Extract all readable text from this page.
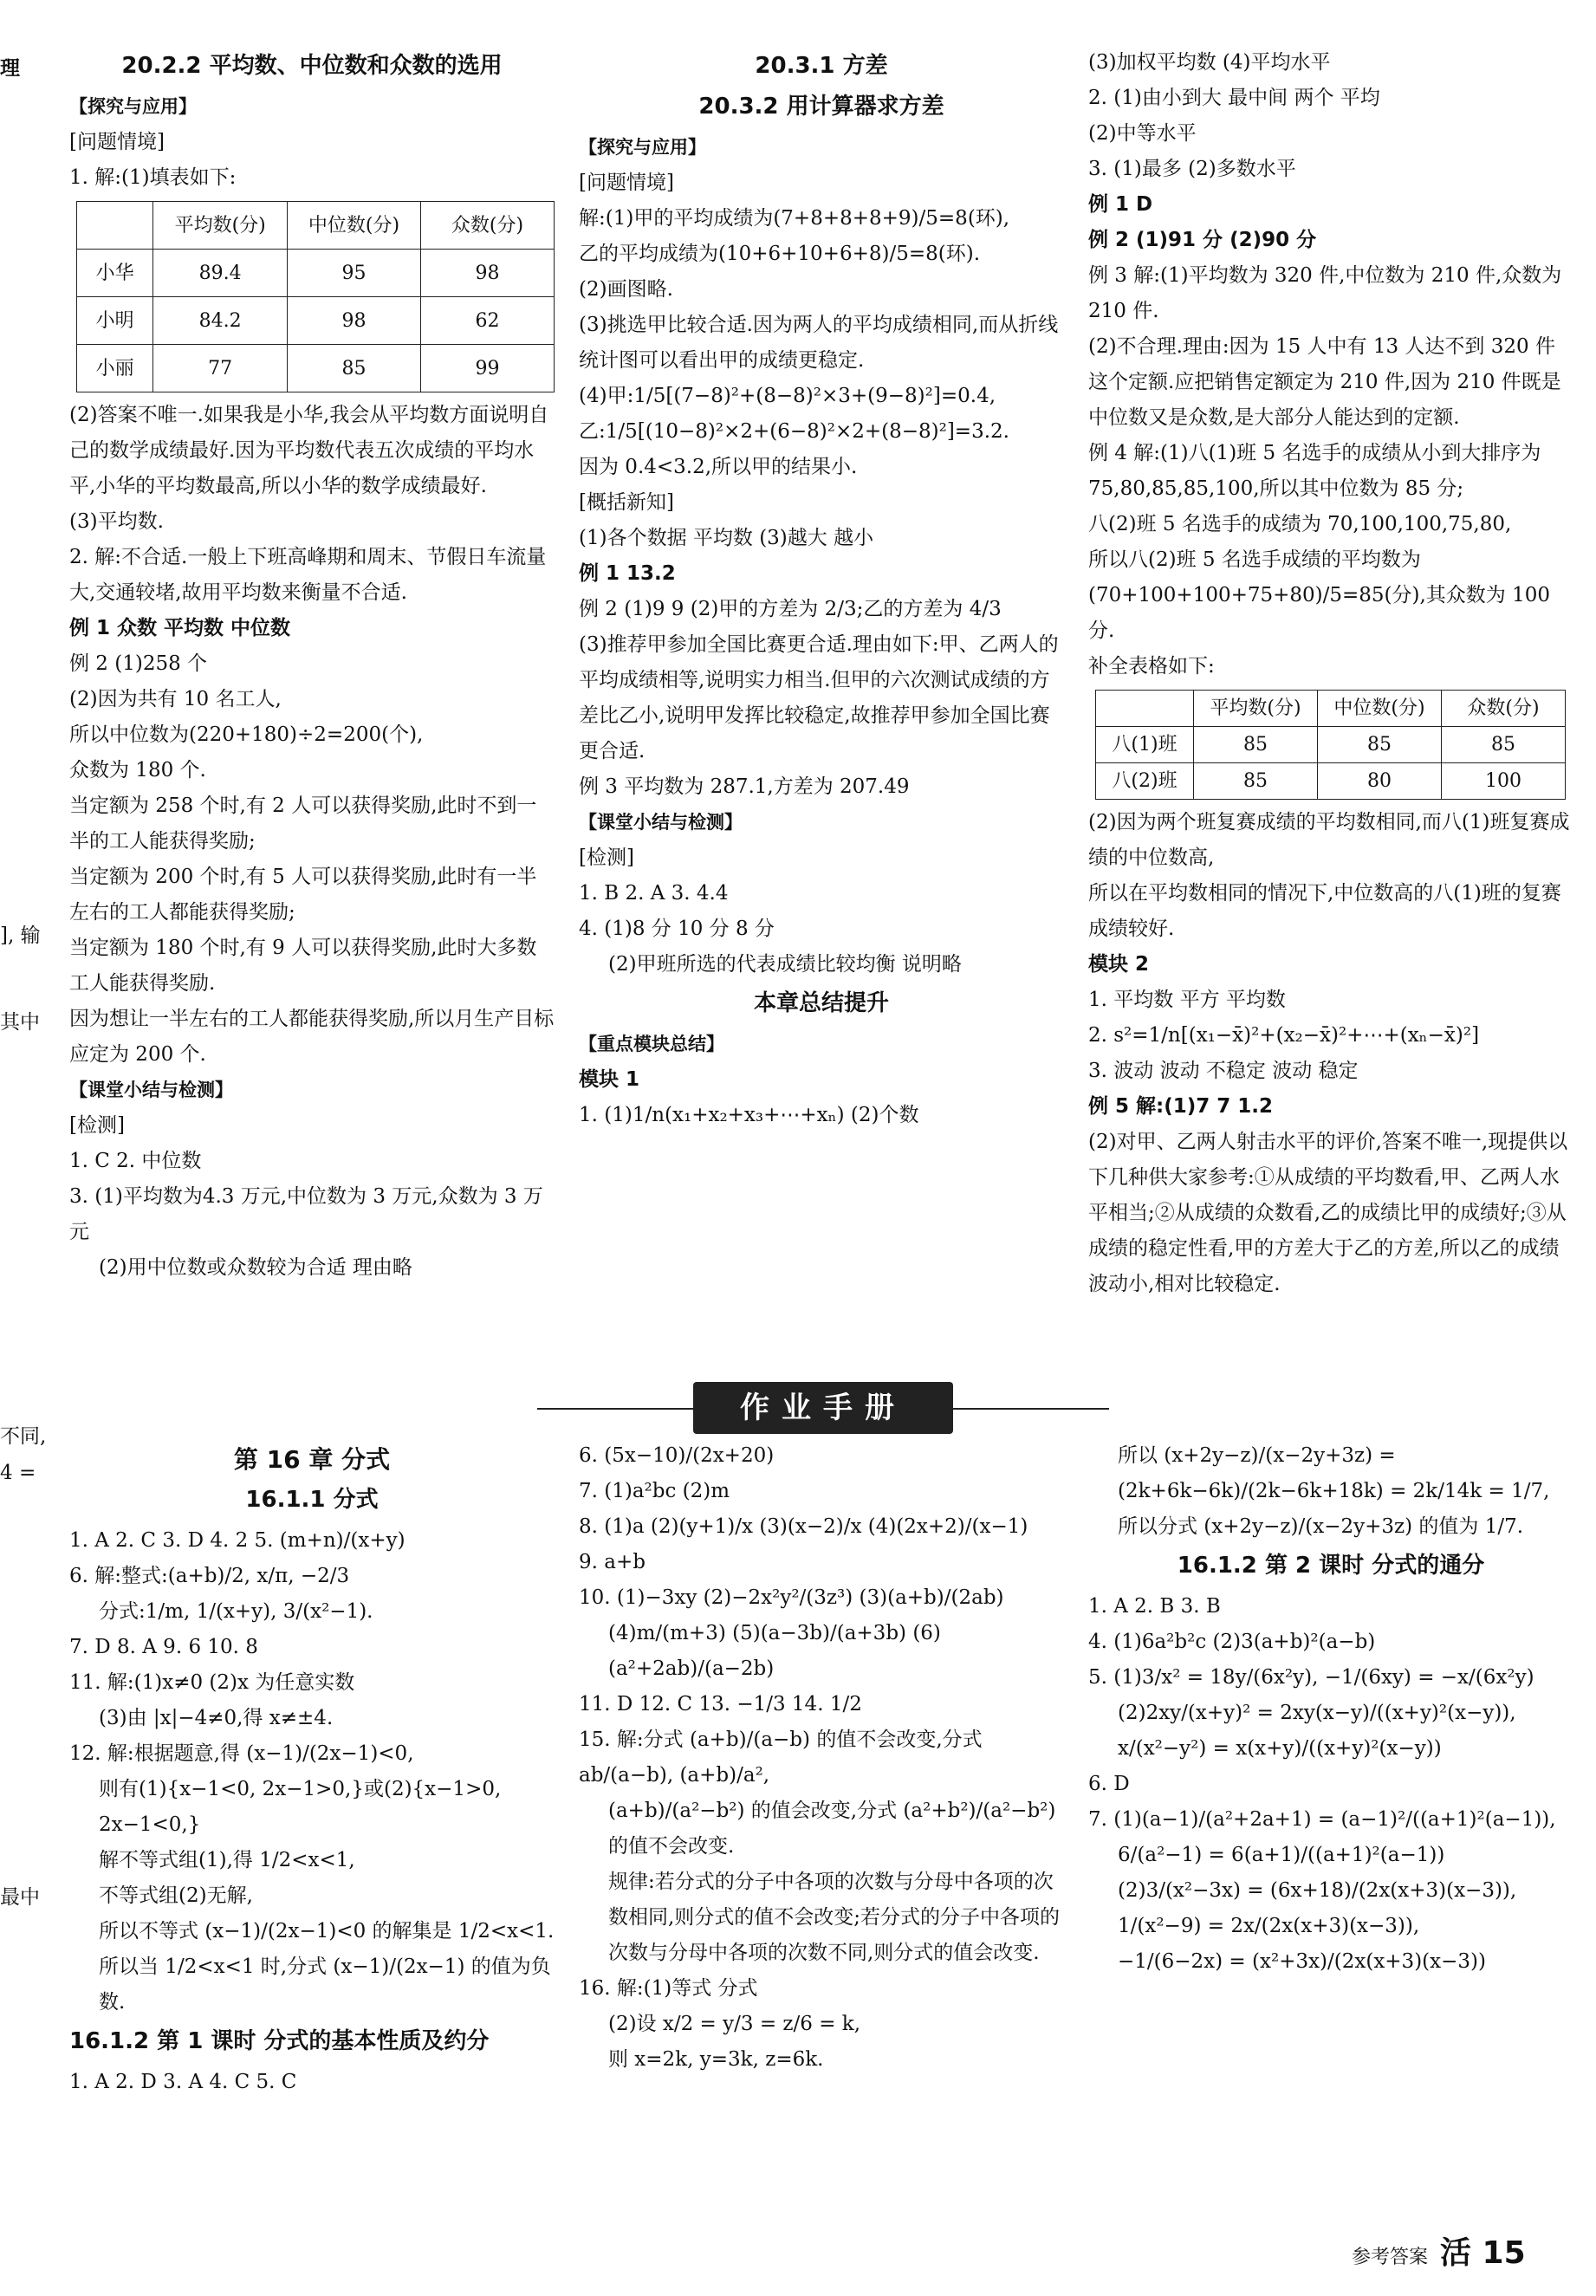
理
], 输
其中
不同,
4 =
最中
20.2.2 平均数、中位数和众数的选用

【探究与应用】

[问题情境]

1. 解:(1)填表如下:

	平均数(分)	中位数(分)	众数(分)
小华	89.4	95	98
小明	84.2	98	62
小丽	77	85	99

(2)答案不唯一.如果我是小华,我会从平均数方面说明自己的数学成绩最好.因为平均数代表五次成绩的平均水平,小华的平均数最高,所以小华的数学成绩最好.

(3)平均数.

2. 解:不合适.一般上下班高峰期和周末、节假日车流量大,交通较堵,故用平均数来衡量不合适.

例 1 众数 平均数 中位数

例 2 (1)258 个

(2)因为共有 10 名工人,

所以中位数为(220+180)÷2=200(个),

众数为 180 个.

当定额为 258 个时,有 2 人可以获得奖励,此时不到一半的工人能获得奖励;

当定额为 200 个时,有 5 人可以获得奖励,此时有一半左右的工人都能获得奖励;

当定额为 180 个时,有 9 人可以获得奖励,此时大多数工人能获得奖励.

因为想让一半左右的工人都能获得奖励,所以月生产目标应定为 200 个.

【课堂小结与检测】

[检测]

1. C 2. 中位数

3. (1)平均数为4.3 万元,中位数为 3 万元,众数为 3 万元

(2)用中位数或众数较为合适 理由略

20.3.1 方差
20.3.2 用计算器求方差

【探究与应用】

[问题情境]

解:(1)甲的平均成绩为(7+8+8+8+9)/5=8(环),

乙的平均成绩为(10+6+10+6+8)/5=8(环).

(2)画图略.

(3)挑选甲比较合适.因为两人的平均成绩相同,而从折线统计图可以看出甲的成绩更稳定.

(4)甲:1/5[(7−8)²+(8−8)²×3+(9−8)²]=0.4,

乙:1/5[(10−8)²×2+(6−8)²×2+(8−8)²]=3.2.

因为 0.4<3.2,所以甲的结果小.

[概括新知]

(1)各个数据 平均数 (3)越大 越小

例 1 13.2

例 2 (1)9 9 (2)甲的方差为 2/3;乙的方差为 4/3

(3)推荐甲参加全国比赛更合适.理由如下:甲、乙两人的平均成绩相等,说明实力相当.但甲的六次测试成绩的方差比乙小,说明甲发挥比较稳定,故推荐甲参加全国比赛更合适.

例 3 平均数为 287.1,方差为 207.49

【课堂小结与检测】

[检测]

1. B 2. A 3. 4.4

4. (1)8 分 10 分 8 分

(2)甲班所选的代表成绩比较均衡 说明略

本章总结提升

【重点模块总结】

模块 1

1. (1)1/n(x₁+x₂+x₃+⋯+xₙ) (2)个数

(3)加权平均数 (4)平均水平

2. (1)由小到大 最中间 两个 平均

(2)中等水平

3. (1)最多 (2)多数水平

例 1 D

例 2 (1)91 分 (2)90 分

例 3 解:(1)平均数为 320 件,中位数为 210 件,众数为 210 件.

(2)不合理.理由:因为 15 人中有 13 人达不到 320 件这个定额.应把销售定额定为 210 件,因为 210 件既是中位数又是众数,是大部分人能达到的定额.

例 4 解:(1)八(1)班 5 名选手的成绩从小到大排序为 75,80,85,85,100,所以其中位数为 85 分;

八(2)班 5 名选手的成绩为 70,100,100,75,80,

所以八(2)班 5 名选手成绩的平均数为(70+100+100+75+80)/5=85(分),其众数为 100 分.

补全表格如下:

	平均数(分)	中位数(分)	众数(分)
八(1)班	85	85	85
八(2)班	85	80	100

(2)因为两个班复赛成绩的平均数相同,而八(1)班复赛成绩的中位数高,

所以在平均数相同的情况下,中位数高的八(1)班的复赛成绩较好.

模块 2

1. 平均数 平方 平均数

2. s²=1/n[(x₁−x̄)²+(x₂−x̄)²+⋯+(xₙ−x̄)²]

3. 波动 波动 不稳定 波动 稳定

例 5 解:(1)7 7 1.2

(2)对甲、乙两人射击水平的评价,答案不唯一,现提供以下几种供大家参考:①从成绩的平均数看,甲、乙两人水平相当;②从成绩的众数看,乙的成绩比甲的成绩好;③从成绩的稳定性看,甲的方差大于乙的方差,所以乙的成绩波动小,相对比较稳定.

作业手册
第 16 章 分式
16.1.1 分式

1. A 2. C 3. D 4. 2 5. (m+n)/(x+y)

6. 解:整式:(a+b)/2, x/π, −2/3

分式:1/m, 1/(x+y), 3/(x²−1).

7. D 8. A 9. 6 10. 8

11. 解:(1)x≠0 (2)x 为任意实数

(3)由 |x|−4≠0,得 x≠±4.

12. 解:根据题意,得 (x−1)/(2x−1)<0,

则有(1){x−1<0, 2x−1>0,}或(2){x−1>0, 2x−1<0,}

解不等式组(1),得 1/2<x<1,

不等式组(2)无解,

所以不等式 (x−1)/(2x−1)<0 的解集是 1/2<x<1.

所以当 1/2<x<1 时,分式 (x−1)/(2x−1) 的值为负数.

16.1.2 第 1 课时 分式的基本性质及约分

1. A 2. D 3. A 4. C 5. C

6. (5x−10)/(2x+20)

7. (1)a²bc (2)m

8. (1)a (2)(y+1)/x (3)(x−2)/x (4)(2x+2)/(x−1)

9. a+b

10. (1)−3xy (2)−2x²y²/(3z³) (3)(a+b)/(2ab)

(4)m/(m+3) (5)(a−3b)/(a+3b) (6)(a²+2ab)/(a−2b)

11. D 12. C 13. −1/3 14. 1/2

15. 解:分式 (a+b)/(a−b) 的值不会改变,分式 ab/(a−b), (a+b)/a²,

(a+b)/(a²−b²) 的值会改变,分式 (a²+b²)/(a²−b²) 的值不会改变.

规律:若分式的分子中各项的次数与分母中各项的次数相同,则分式的值不会改变;若分式的分子中各项的次数与分母中各项的次数不同,则分式的值会改变.

16. 解:(1)等式 分式

(2)设 x/2 = y/3 = z/6 = k,

则 x=2k, y=3k, z=6k.

所以 (x+2y−z)/(x−2y+3z) = (2k+6k−6k)/(2k−6k+18k) = 2k/14k = 1/7,

所以分式 (x+2y−z)/(x−2y+3z) 的值为 1/7.

16.1.2 第 2 课时 分式的通分

1. A 2. B 3. B

4. (1)6a²b²c (2)3(a+b)²(a−b)

5. (1)3/x² = 18y/(6x²y), −1/(6xy) = −x/(6x²y)

(2)2xy/(x+y)² = 2xy(x−y)/((x+y)²(x−y)),

x/(x²−y²) = x(x+y)/((x+y)²(x−y))

6. D

7. (1)(a−1)/(a²+2a+1) = (a−1)²/((a+1)²(a−1)),

6/(a²−1) = 6(a+1)/((a+1)²(a−1))

(2)3/(x²−3x) = (6x+18)/(2x(x+3)(x−3)),

1/(x²−9) = 2x/(2x(x+3)(x−3)),

−1/(6−2x) = (x²+3x)/(2x(x+3)(x−3))

参考答案 活 15
